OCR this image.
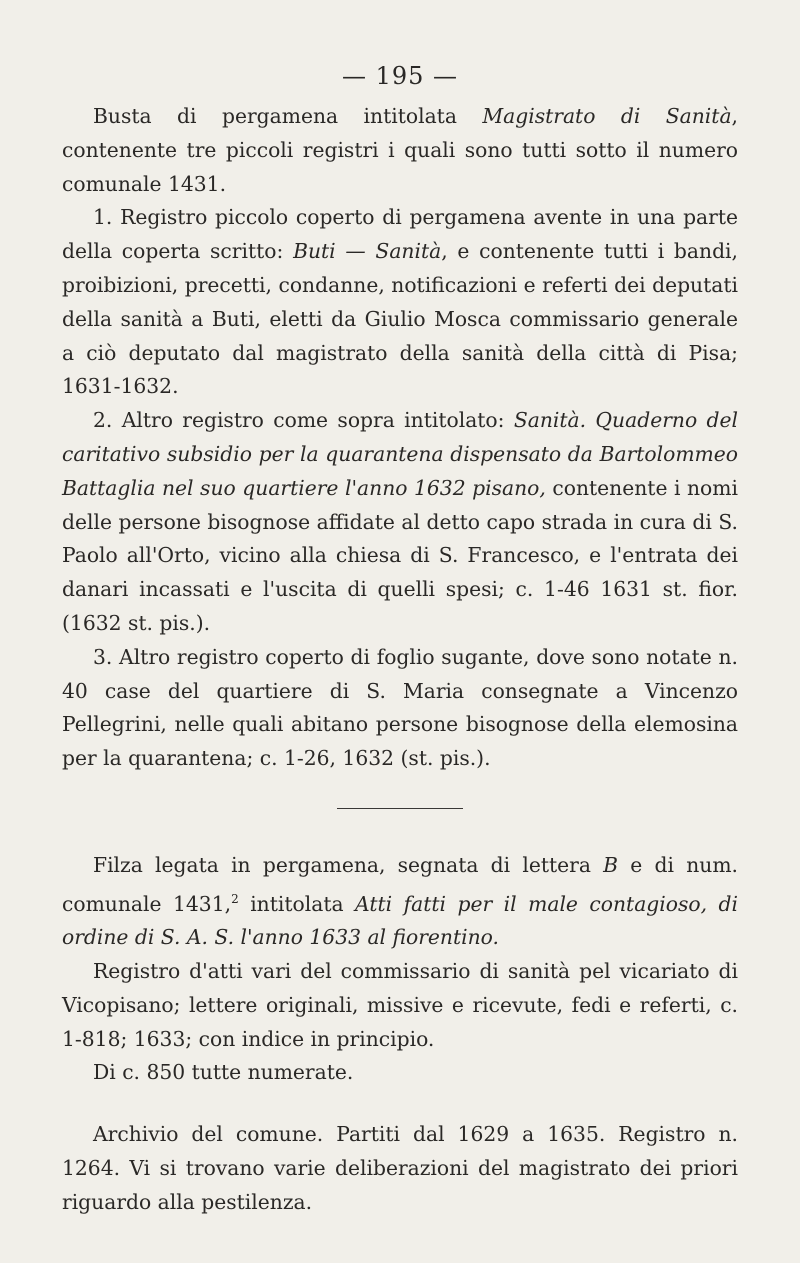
— 195 —

Busta di pergamena intitolata Magistrato di Sanità, contenente tre piccoli registri i quali sono tutti sotto il numero comunale 1431.

1. Registro piccolo coperto di pergamena avente in una parte della coperta scritto: Buti — Sanità, e contenente tutti i bandi, proibizioni, precetti, condanne, notificazioni e referti dei deputati della sanità a Buti, eletti da Giulio Mosca commissario generale a ciò deputato dal magistrato della sanità della città di Pisa; 1631-1632.

2. Altro registro come sopra intitolato: Sanità. Quaderno del caritativo subsidio per la quarantena dispensato da Bartolommeo Battaglia nel suo quartiere l'anno 1632 pisano, contenente i nomi delle persone bisognose affidate al detto capo strada in cura di S. Paolo all'Orto, vicino alla chiesa di S. Francesco, e l'entrata dei danari incassati e l'uscita di quelli spesi; c. 1-46 1631 st. fior. (1632 st. pis.).

3. Altro registro coperto di foglio sugante, dove sono notate n. 40 case del quartiere di S. Maria consegnate a Vincenzo Pellegrini, nelle quali abitano persone bisognose della elemosina per la quarantena; c. 1-26, 1632 (st. pis.).

Filza legata in pergamena, segnata di lettera B e di num. comunale 1431,$^2$ intitolata Atti fatti per il male contagioso, di ordine di S. A. S. l'anno 1633 al fiorentino.

Registro d'atti vari del commissario di sanità pel vicariato di Vicopisano; lettere originali, missive e ricevute, fedi e referti, c. 1-818; 1633; con indice in principio.

Di c. 850 tutte numerate.

Archivio del comune. Partiti dal 1629 a 1635. Registro n. 1264. Vi si trovano varie deliberazioni del magistrato dei priori riguardo alla pestilenza.
